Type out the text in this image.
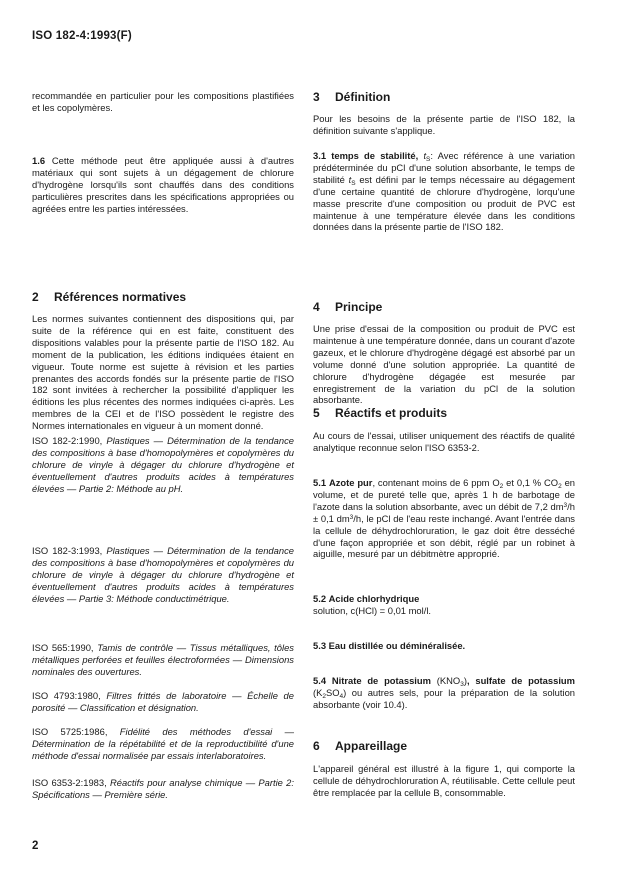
ISO 182-4:1993(F)

recommandée en particulier pour les compositions plastifiées et les copolymères.

1.6 Cette méthode peut être appliquée aussi à d'autres matériaux qui sont sujets à un dégagement de chlorure d'hydrogène lorsqu'ils sont chauffés dans des conditions particulières prescrites dans les spécifications appropriées ou agréées entre les parties intéressées.

2 Références normatives

Les normes suivantes contiennent des dispositions qui, par suite de la référence qui en est faite, constituent des dispositions valables pour la présente partie de l'ISO 182. Au moment de la publication, les éditions indiquées étaient en vigueur. Toute norme est sujette à révision et les parties prenantes des accords fondés sur la présente partie de l'ISO 182 sont invitées à rechercher la possibilité d'appliquer les éditions les plus récentes des normes indiquées ci-après. Les membres de la CEI et de l'ISO possèdent le registre des Normes internationales en vigueur à un moment donné.

ISO 182-2:1990, Plastiques — Détermination de la tendance des compositions à base d'homopolymères et copolymères du chlorure de vinyle à dégager du chlorure d'hydrogène et éventuellement d'autres produits acides à températures élevées — Partie 2: Méthode au pH.

ISO 182-3:1993, Plastiques — Détermination de la tendance des compositions à base d'homopolymères et copolymères du chlorure de vinyle à dégager du chlorure d'hydrogène et éventuellement d'autres produits acides à températures élevées — Partie 3: Méthode conductimétrique.

ISO 565:1990, Tamis de contrôle — Tissus métalliques, tôles métalliques perforées et feuilles électroformées — Dimensions nominales des ouvertures.

ISO 4793:1980, Filtres frittés de laboratoire — Échelle de porosité — Classification et désignation.

ISO 5725:1986, Fidélité des méthodes d'essai — Détermination de la répétabilité et de la reproductibilité d'une méthode d'essai normalisée par essais interlaboratoires.

ISO 6353-2:1983, Réactifs pour analyse chimique — Partie 2: Spécifications — Première série.

3 Définition

Pour les besoins de la présente partie de l'ISO 182, la définition suivante s'applique.

3.1 temps de stabilité, $t_S$: Avec référence à une variation prédéterminée du pCl d'une solution absorbante, le temps de stabilité $t_S$ est défini par le temps nécessaire au dégagement d'une certaine quantité de chlorure d'hydrogène, lorqu'une masse prescrite d'une composition ou produit de PVC est maintenue à une température élevée dans les conditions données dans la présente partie de l'ISO 182.

4 Principe

Une prise d'essai de la composition ou produit de PVC est maintenue à une température donnée, dans un courant d'azote gazeux, et le chlorure d'hydrogène dégagé est absorbé par un volume donné d'une solution appropriée. La quantité de chlorure d'hydrogène dégagée est mesurée par enregistrement de la variation du pCl de la solution absorbante.

5 Réactifs et produits

Au cours de l'essai, utiliser uniquement des réactifs de qualité analytique reconnue selon l'ISO 6353-2.

5.1 Azote pur, contenant moins de 6 ppm $O_2$ et 0,1 % $CO_2$ en volume, et de pureté telle que, après 1 h de barbotage de l'azote dans la solution absorbante, avec un débit de 7,2 $dm^3/h \pm 0,1$ $dm^3/h$, le pCl de l'eau reste inchangé. Avant l'entrée dans la cellule de déhydrochloruration, le gaz doit être desséché d'une façon appropriée et son débit, réglé par un robinet à aiguille, mesuré par un débitmètre approprié.

5.2 Acide chlorhydrique
solution, c(HCl) = 0,01 mol/l.

5.3 Eau distillée ou déminéralisée.

5.4 Nitrate de potassium $(KNO_3)$, sulfate de potassium $(K_2SO_4)$ ou autres sels, pour la préparation de la solution absorbante (voir 10.4).

6 Appareillage

L'appareil général est illustré à la figure 1, qui comporte la cellule de déhydrochloruration A, réutilisable. Cette cellule peut être remplacée par la cellule B, consommable.

2
